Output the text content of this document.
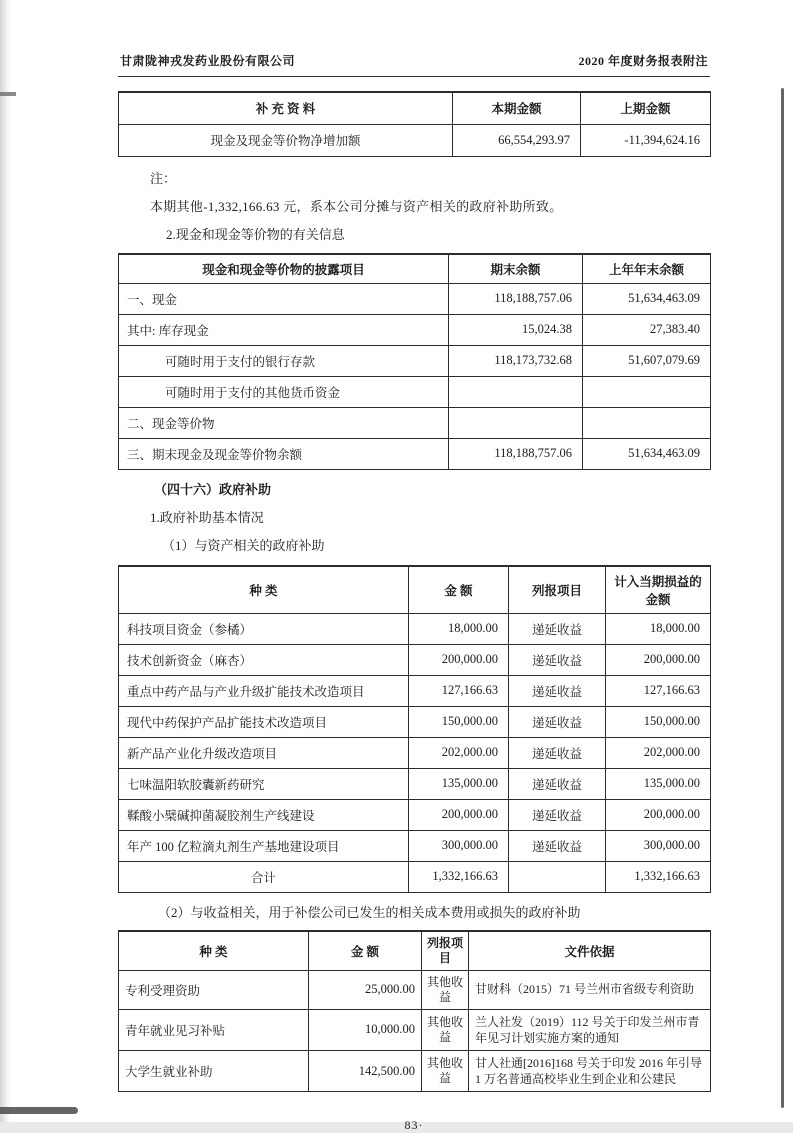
甘肃陇神戎发药业股份有限公司	2020 年度财务报表附注
补 充 资 料	本期金额	上期金额
现金及现金等价物净增加额	66,554,293.97	-11,394,624.16
注：
本期其他-1,332,166.63 元，系本公司分摊与资产相关的政府补助所致。
2.现金和现金等价物的有关信息
现金和现金等价物的披露项目	期末余额	上年年末余额
一、现金	118,188,757.06	51,634,463.09
其中: 库存现金	15,024.38	27,383.40
可随时用于支付的银行存款	118,173,732.68	51,607,079.69
可随时用于支付的其他货币资金		
二、现金等价物		
三、期末现金及现金等价物余额	118,188,757.06	51,634,463.09
（四十六）政府补助
1.政府补助基本情况
（1）与资产相关的政府补助
种 类	金 额	列报项目	计入当期损益的金额
科技项目资金（参橘）	18,000.00	递延收益	18,000.00
技术创新资金（麻杏）	200,000.00	递延收益	200,000.00
重点中药产品与产业升级扩能技术改造项目	127,166.63	递延收益	127,166.63
现代中药保护产品扩能技术改造项目	150,000.00	递延收益	150,000.00
新产品产业化升级改造项目	202,000.00	递延收益	202,000.00
七味温阳软胶囊新药研究	135,000.00	递延收益	135,000.00
鞣酸小檗碱抑菌凝胶剂生产线建设	200,000.00	递延收益	200,000.00
年产 100 亿粒滴丸剂生产基地建设项目	300,000.00	递延收益	300,000.00
合计	1,332,166.63		1,332,166.63
（2）与收益相关，用于补偿公司已发生的相关成本费用或损失的政府补助
种 类	金 额	列报项目	文件依据
专利受理资助	25,000.00	其他收益	甘财科（2015）71 号兰州市省级专利资助
青年就业见习补贴	10,000.00	其他收益	兰人社发（2019）112 号关于印发兰州市青年见习计划实施方案的通知
大学生就业补助	142,500.00	其他收益	甘人社通[2016]168 号关于印发 2016 年引导 1 万名普通高校毕业生到企业和公建民
83·
